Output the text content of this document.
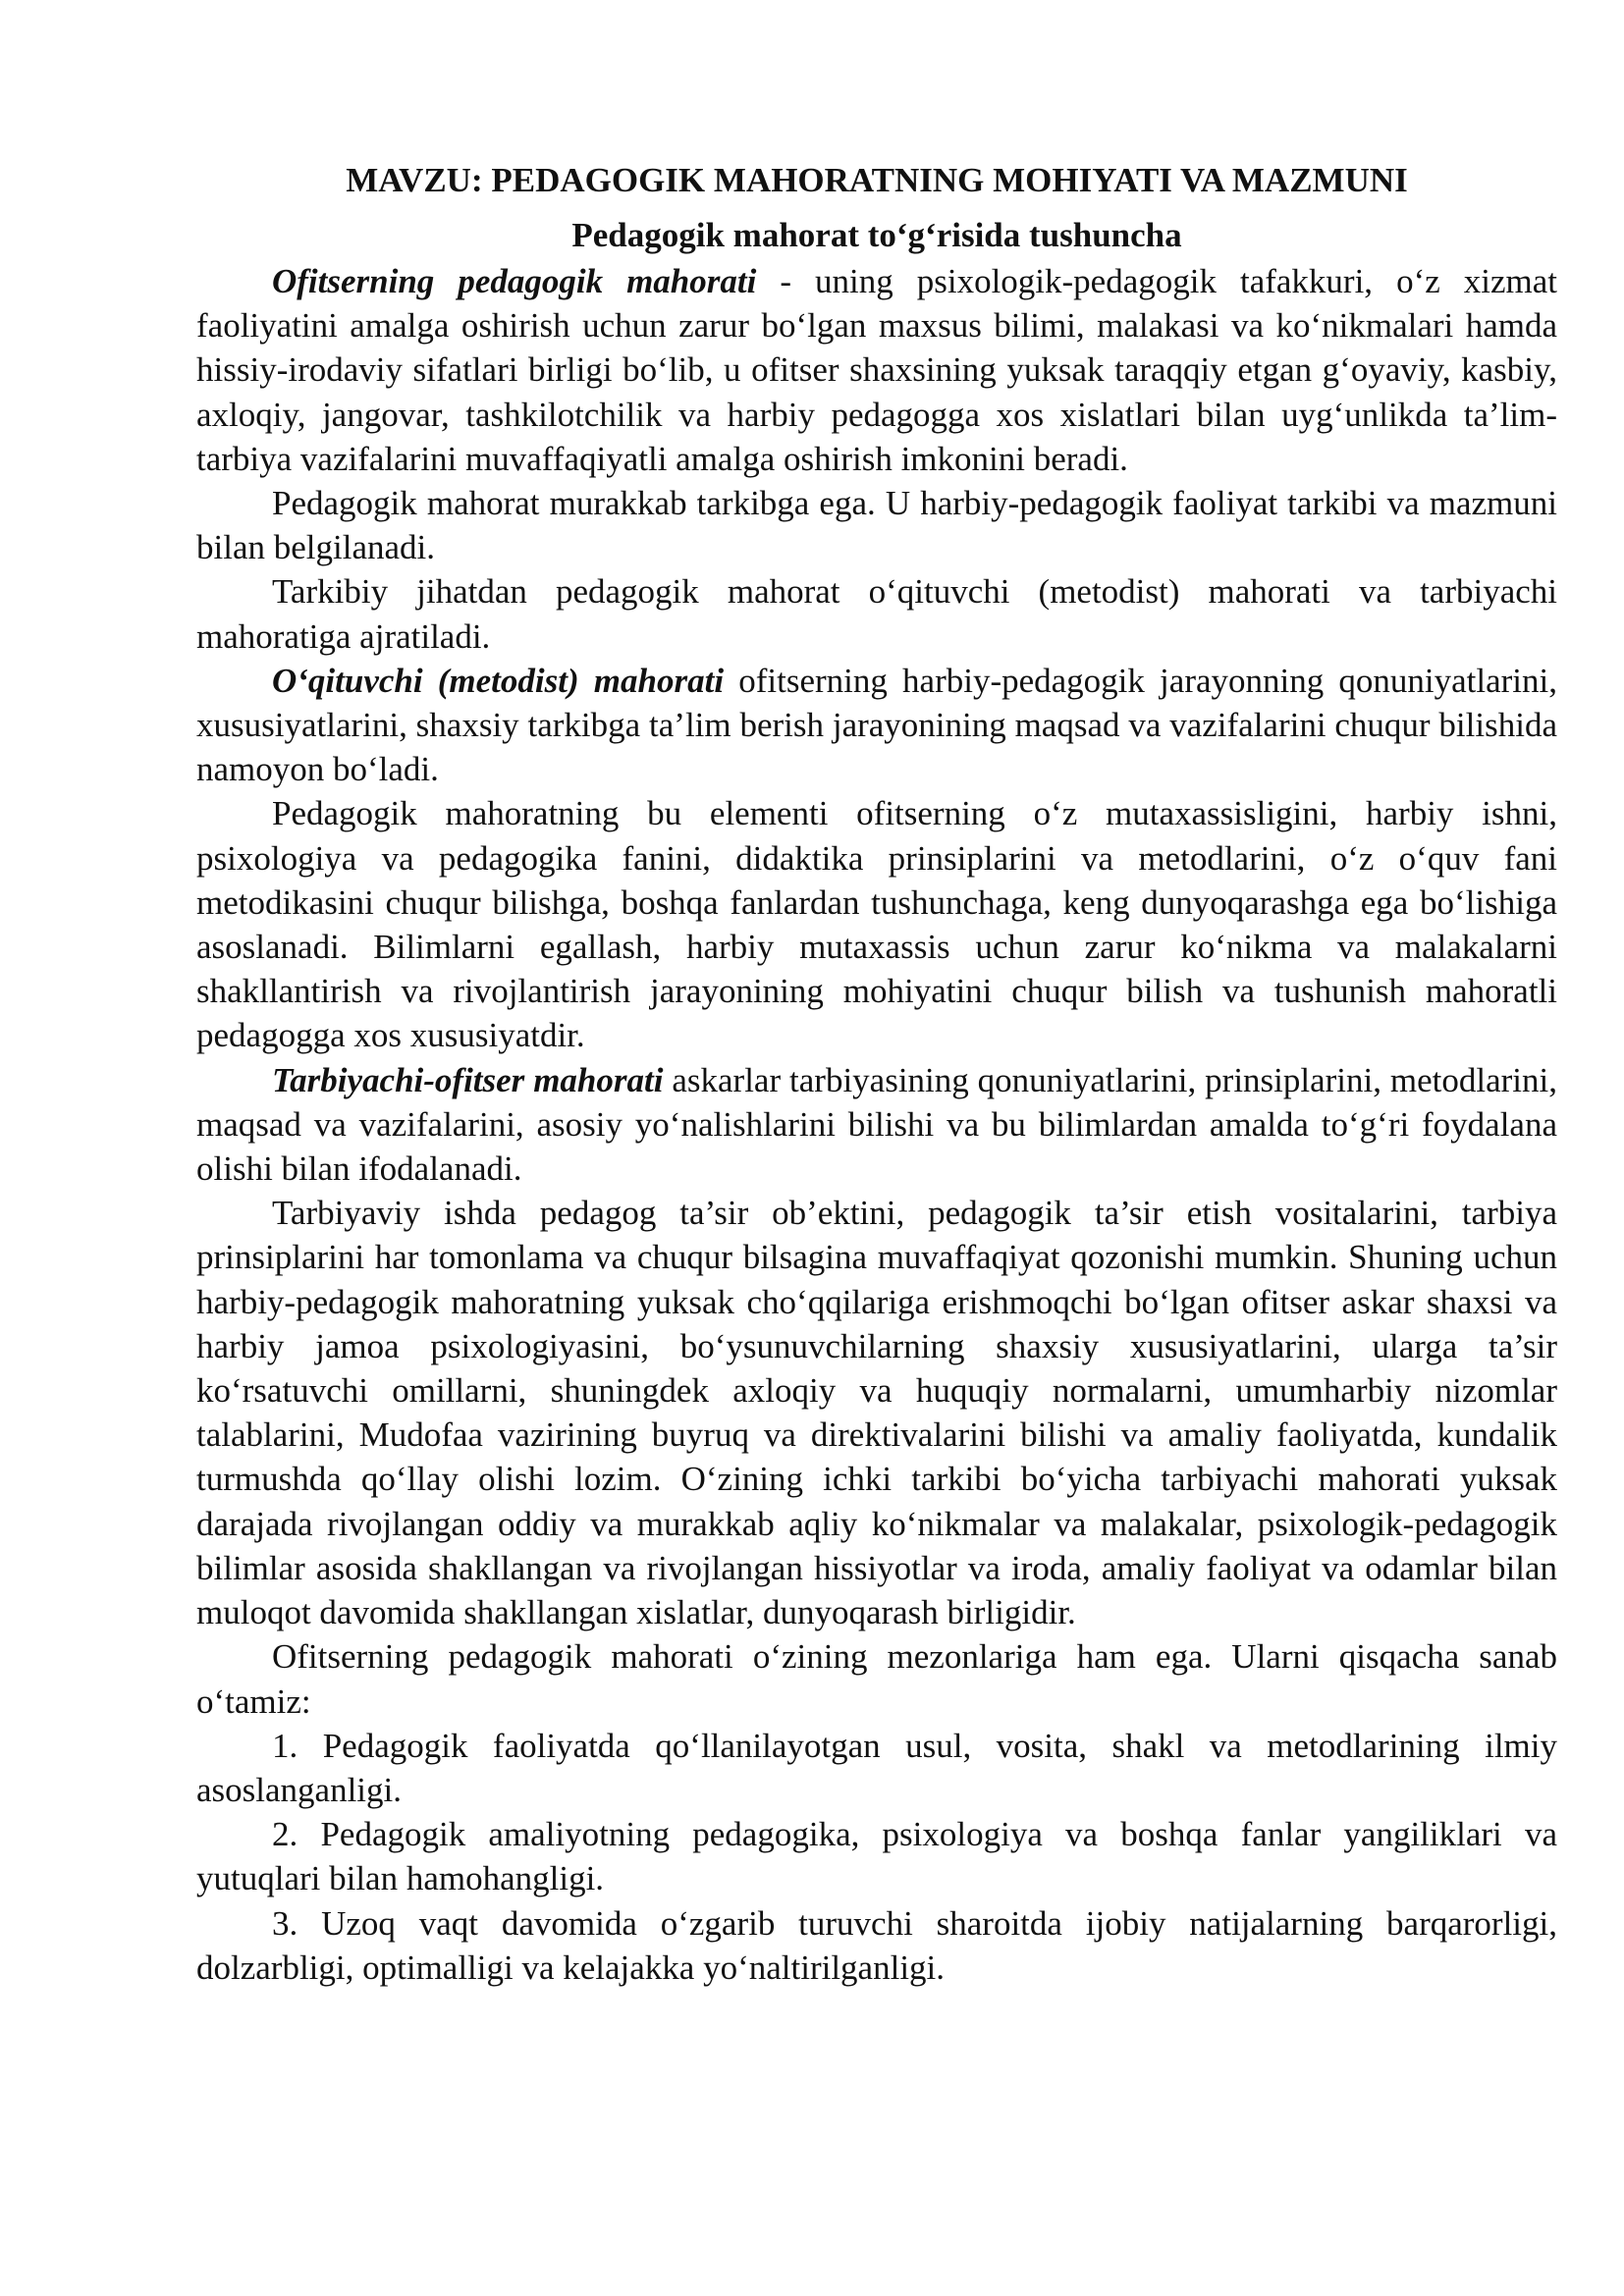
MAVZU: PEDAGOGIK MAHORATNING MOHIYATI VA MAZMUNI
Pedagogik mahorat to‘g‘risida tushuncha

Ofitserning pedagogik mahorati - uning psixologik-pedagogik tafakkuri, o‘z xizmat faoliyatini amalga oshirish uchun zarur bo‘lgan maxsus bilimi, malakasi va ko‘nikmalari hamda hissiy-irodaviy sifatlari birligi bo‘lib, u ofitser shaxsining yuksak taraqqiy etgan g‘oyaviy, kasbiy, axloqiy, jangovar, tashkilotchilik va harbiy pedagogga xos xislatlari bilan uyg‘unlikda ta’lim-tarbiya vazifalarini muvaffaqiyatli amalga oshirish imkonini beradi.

Pedagogik mahorat murakkab tarkibga ega. U harbiy-pedagogik faoliyat tarkibi va mazmuni bilan belgilanadi.

Tarkibiy jihatdan pedagogik mahorat o‘qituvchi (metodist) mahorati va tarbiyachi mahoratiga ajratiladi.

O‘qituvchi (metodist) mahorati ofitserning harbiy-pedagogik jarayonning qonuniyatlarini, xususiyatlarini, shaxsiy tarkibga ta’lim berish jarayonining maqsad va vazifalarini chuqur bilishida namoyon bo‘ladi.

Pedagogik mahoratning bu elementi ofitserning o‘z mutaxassisligini, harbiy ishni, psixologiya va pedagogika fanini, didaktika prinsiplarini va metodlarini, o‘z o‘quv fani metodikasini chuqur bilishga, boshqa fanlardan tushunchaga, keng dunyoqarashga ega bo‘lishiga asoslanadi. Bilimlarni egallash, harbiy mutaxassis uchun zarur ko‘nikma va malakalarni shakllantirish va rivojlantirish jarayonining mohiyatini chuqur bilish va tushunish mahoratli pedagogga xos xususiyatdir.

Tarbiyachi-ofitser mahorati askarlar tarbiyasining qonuniyatlarini, prinsiplarini, metodlarini, maqsad va vazifalarini, asosiy yo‘nalishlarini bilishi va bu bilimlardan amalda to‘g‘ri foydalana olishi bilan ifodalanadi.

Tarbiyaviy ishda pedagog ta’sir ob’ektini, pedagogik ta’sir etish vositalarini, tarbiya prinsiplarini har tomonlama va chuqur bilsagina muvaffaqiyat qozonishi mumkin. Shuning uchun harbiy-pedagogik mahoratning yuksak cho‘qqilariga erishmoqchi bo‘lgan ofitser askar shaxsi va harbiy jamoa psixologiyasini, bo‘ysunuvchilarning shaxsiy xususiyatlarini, ularga ta’sir ko‘rsatuvchi omillarni, shuningdek axloqiy va huquqiy normalarni, umumharbiy nizomlar talablarini, Mudofaa vazirining buyruq va direktivalarini bilishi va amaliy faoliyatda, kundalik turmushda qo‘llay olishi lozim. O‘zining ichki tarkibi bo‘yicha tarbiyachi mahorati yuksak darajada rivojlangan oddiy va murakkab aqliy ko‘nikmalar va malakalar, psixologik-pedagogik bilimlar asosida shakllangan va rivojlangan hissiyotlar va iroda, amaliy faoliyat va odamlar bilan muloqot davomida shakllangan xislatlar, dunyoqarash birligidir.

Ofitserning pedagogik mahorati o‘zining mezonlariga ham ega. Ularni qisqacha sanab o‘tamiz:

1. Pedagogik faoliyatda qo‘llanilayotgan usul, vosita, shakl va metodlarining ilmiy asoslanganligi.

2. Pedagogik amaliyotning pedagogika, psixologiya va boshqa fanlar yangiliklari va yutuqlari bilan hamohangligi.

3. Uzoq vaqt davomida o‘zgarib turuvchi sharoitda ijobiy natijalarning barqarorligi, dolzarbligi, optimalligi va kelajakka yo‘naltirilganligi.
